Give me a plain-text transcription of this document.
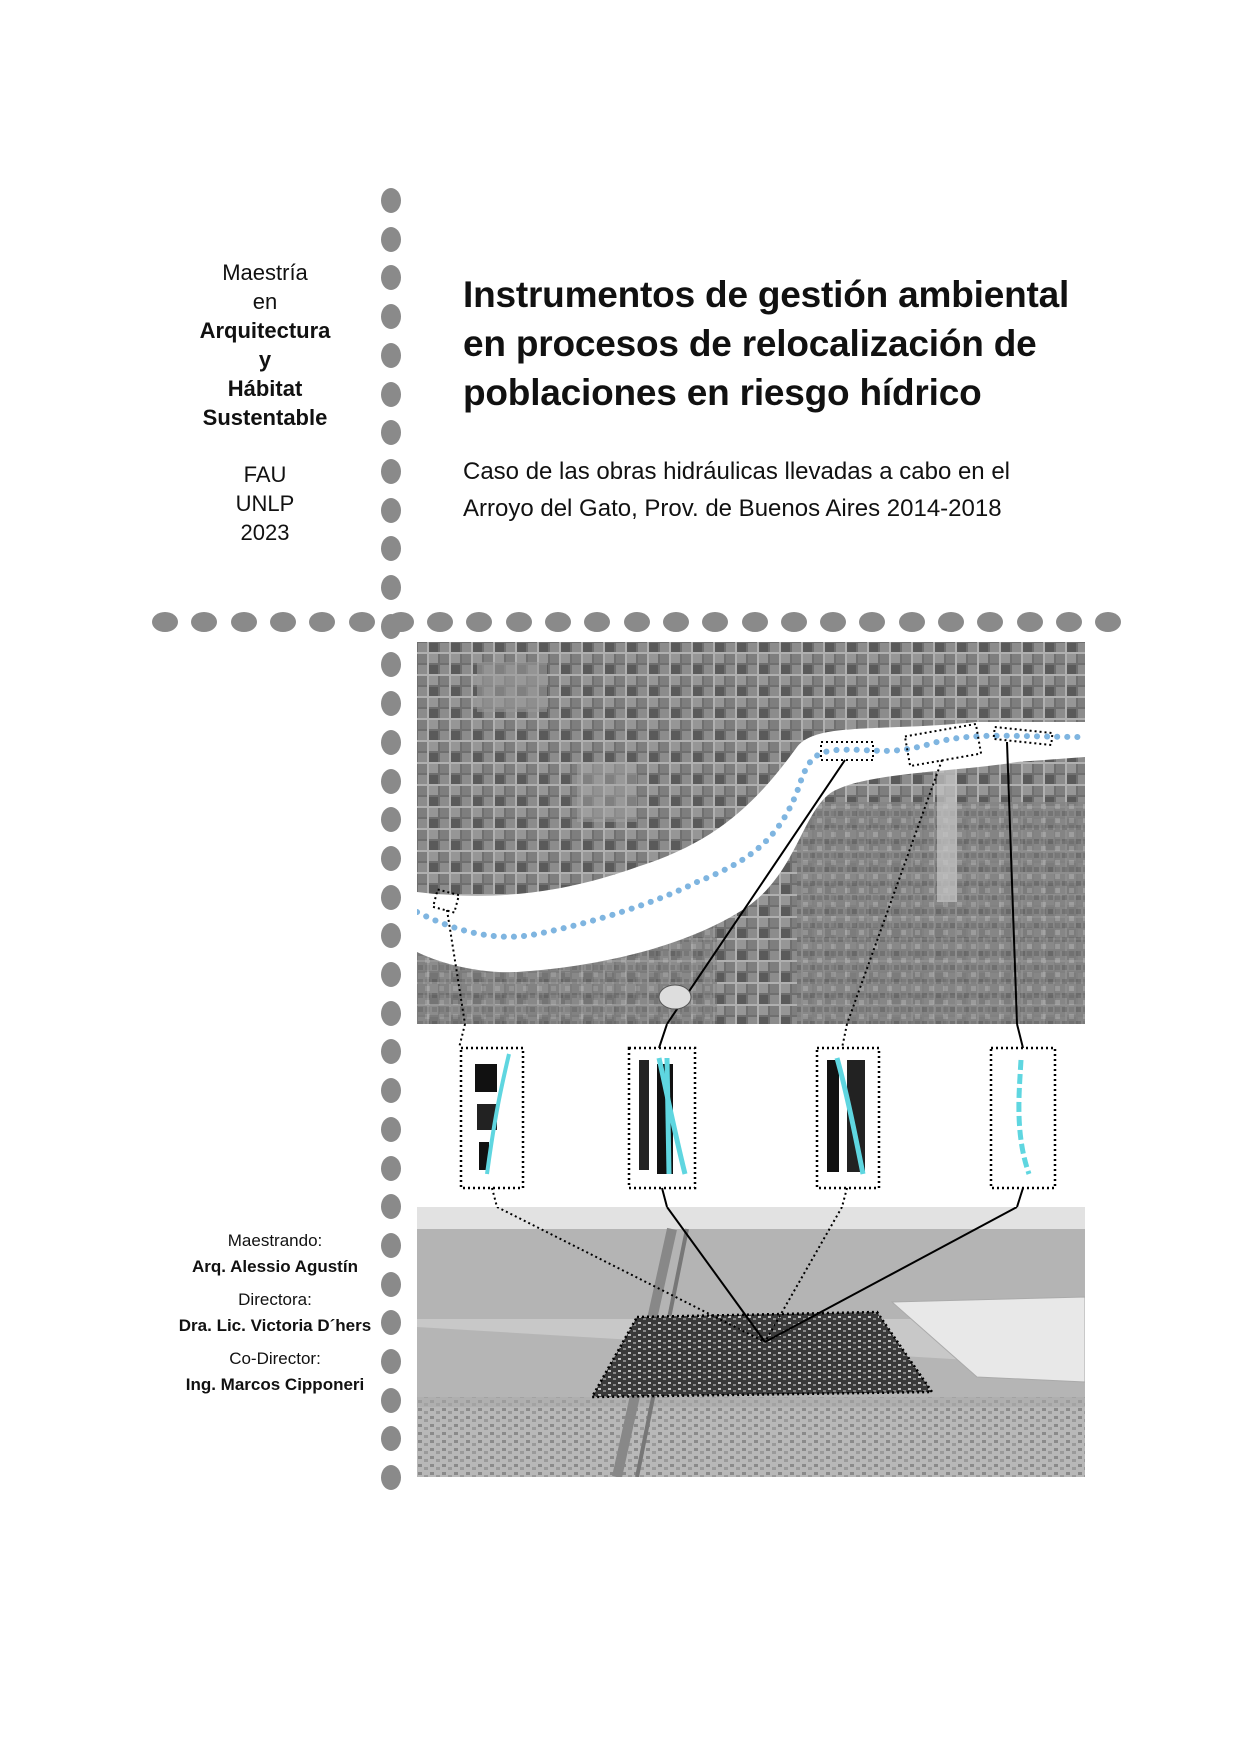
Maestría
en
Arquitectura
y
Hábitat
Sustentable
FAU
UNLP
2023
Instrumentos de gestión ambiental
en procesos de relocalización de
poblaciones en riesgo hídrico
Caso de las obras hidráulicas llevadas a cabo en el
Arroyo del Gato, Prov. de Buenos Aires 2014-2018
Maestrando:
Arq. Alessio Agustín
Directora:
Dra. Lic. Victoria D´hers
Co-Director:
Ing. Marcos Cipponeri
